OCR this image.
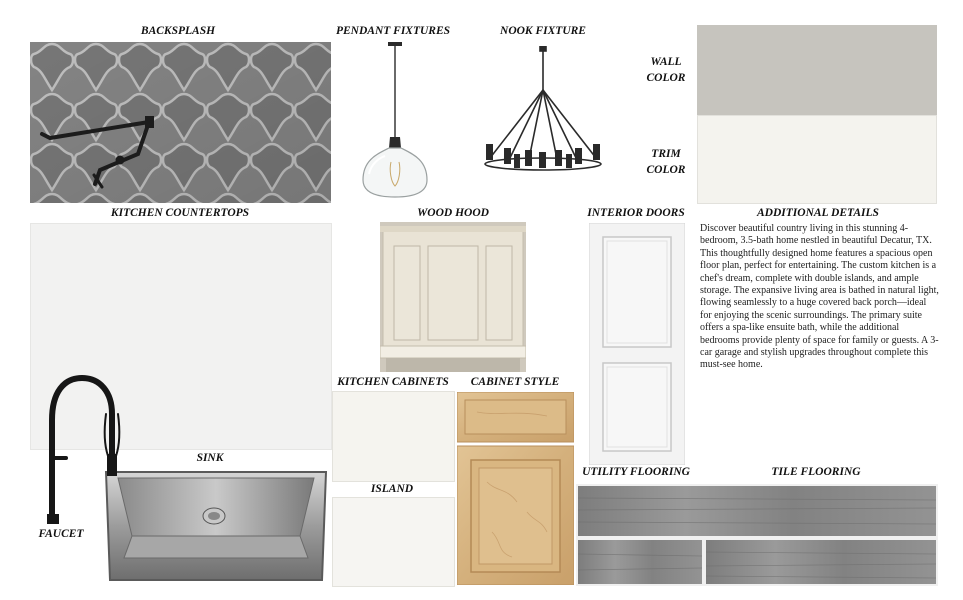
BACKSPLASH	PENDANT FIXTURES	NOOK FIXTURE
WALL
COLOR
TRIM
COLOR
KITCHEN COUNTERTOPS	WOOD HOOD	INTERIOR DOORS	ADDITIONAL DETAILS
Discover beautiful country living in this stunning 4-bedroom, 3.5-bath home nestled in beautiful Decatur, TX. This thoughtfully designed home features a spacious open floor plan, perfect for entertaining. The custom kitchen is a chef's dream, complete with double islands, and ample storage. The expansive living area is bathed in natural light, flowing seamlessly to a huge covered back porch—ideal for enjoying the scenic surroundings. The primary suite offers a spa-like ensuite bath, while the additional bedrooms provide plenty of space for family or guests. A 3-car garage and stylish upgrades throughout complete this must-see home.
KITCHEN CABINETS	CABINET STYLE
SINK
FAUCET
ISLAND
UTILITY FLOORING	TILE FLOORING
